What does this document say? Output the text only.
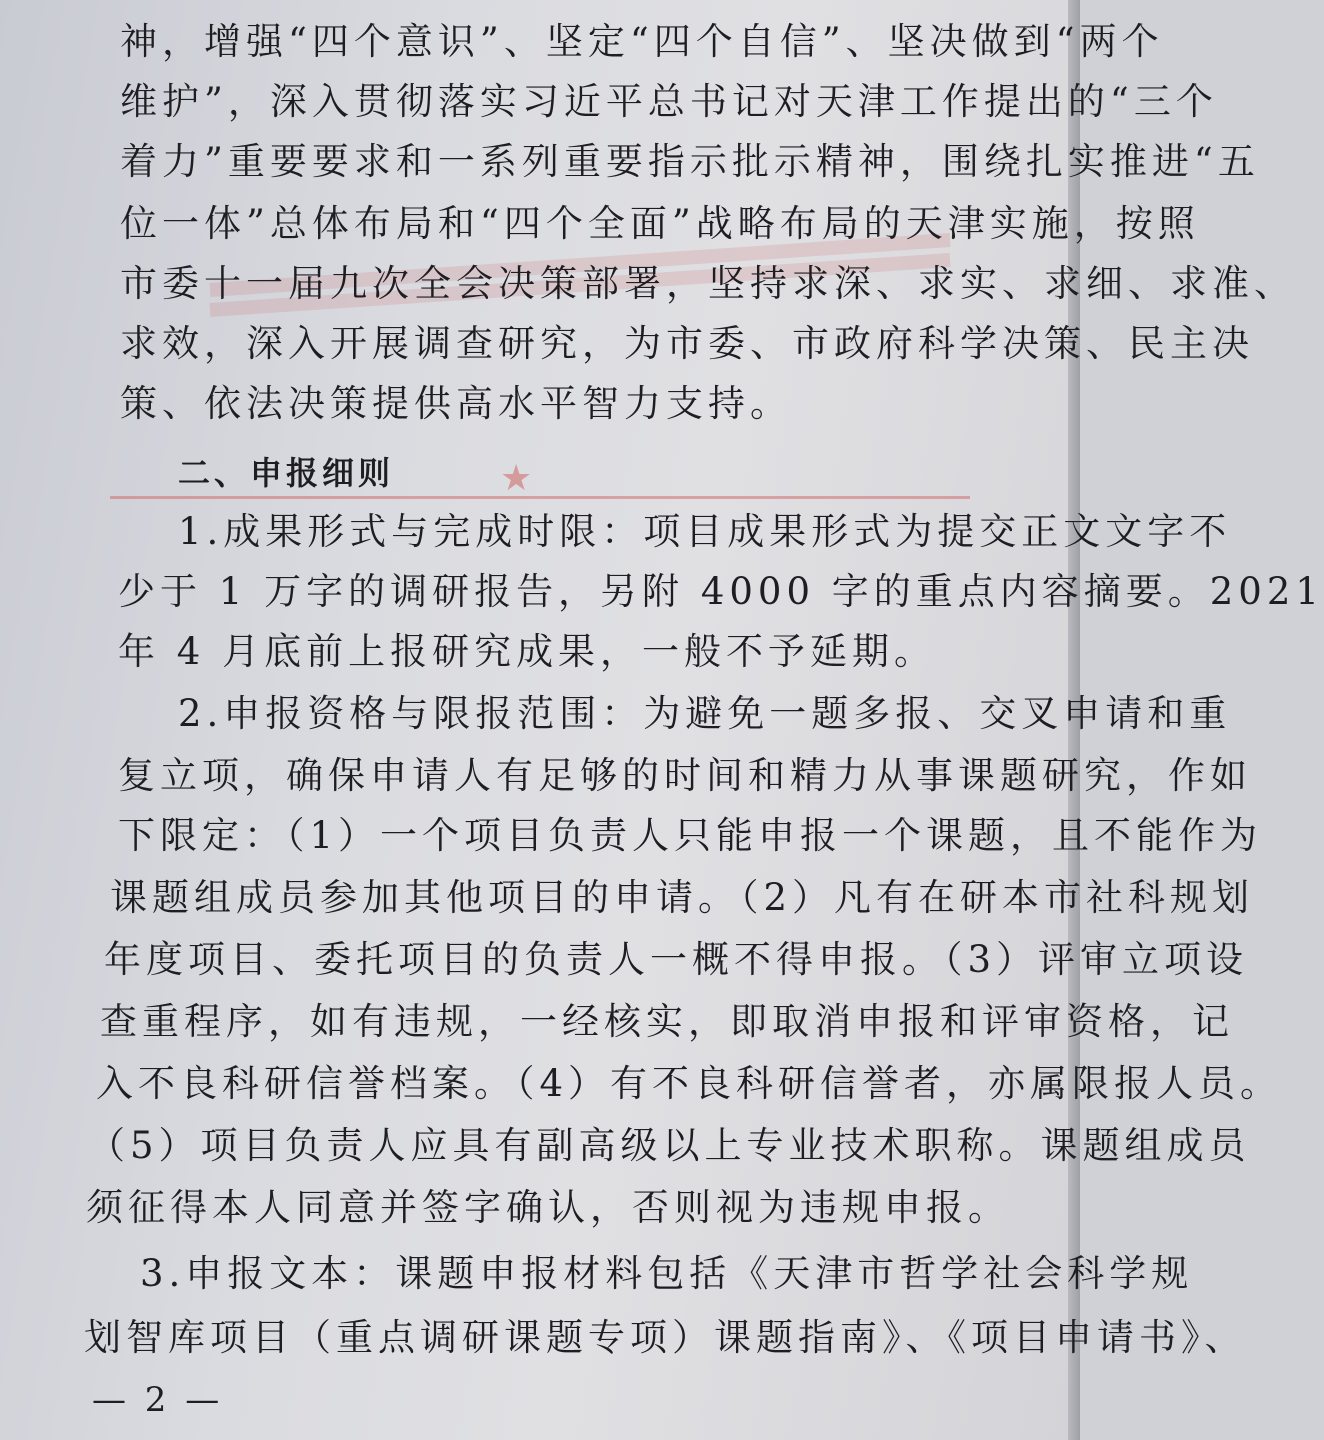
★
神，增强“四个意识”、坚定“四个自信”、坚决做到“两个
维护”，深入贯彻落实习近平总书记对天津工作提出的“三个
着力”重要要求和一系列重要指示批示精神，围绕扎实推进“五
位一体”总体布局和“四个全面”战略布局的天津实施，按照
市委十一届九次全会决策部署，坚持求深、求实、求细、求准、
求效，深入开展调查研究，为市委、市政府科学决策、民主决
策、依法决策提供高水平智力支持。
二、申报细则
1.成果形式与完成时限：项目成果形式为提交正文文字不
少于 1 万字的调研报告，另附 4000 字的重点内容摘要。2021
年 4 月底前上报研究成果，一般不予延期。
2.申报资格与限报范围：为避免一题多报、交叉申请和重
复立项，确保申请人有足够的时间和精力从事课题研究，作如
下限定：（1）一个项目负责人只能申报一个课题，且不能作为
课题组成员参加其他项目的申请。（2）凡有在研本市社科规划
年度项目、委托项目的负责人一概不得申报。（3）评审立项设
查重程序，如有违规，一经核实，即取消申报和评审资格，记
入不良科研信誉档案。（4）有不良科研信誉者，亦属限报人员。
（5）项目负责人应具有副高级以上专业技术职称。课题组成员
须征得本人同意并签字确认，否则视为违规申报。
3.申报文本：课题申报材料包括《天津市哲学社会科学规
划智库项目（重点调研课题专项）课题指南》、《项目申请书》、
— 2 —
